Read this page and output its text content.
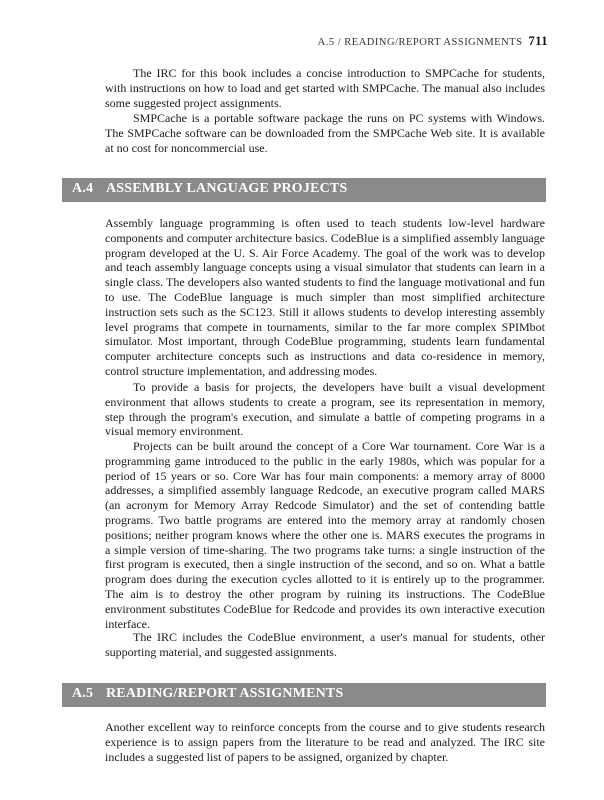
A.5 / READING/REPORT ASSIGNMENTS 711

The IRC for this book includes a concise introduction to SMPCache for students, with instructions on how to load and get started with SMPCache. The manual also includes some suggested project assignments.

SMPCache is a portable software package the runs on PC systems with Windows. The SMPCache software can be downloaded from the SMPCache Web site. It is available at no cost for noncommercial use.

A.4 ASSEMBLY LANGUAGE PROJECTS

Assembly language programming is often used to teach students low-level hardware components and computer architecture basics. CodeBlue is a simplified assembly language program developed at the U. S. Air Force Academy. The goal of the work was to develop and teach assembly language concepts using a visual simulator that students can learn in a single class. The developers also wanted students to find the language motivational and fun to use. The CodeBlue language is much simpler than most simplified architecture instruction sets such as the SC123. Still it allows students to develop interesting assembly level programs that compete in tournaments, similar to the far more complex SPIMbot simulator. Most important, through CodeBlue programming, students learn fundamental computer architecture concepts such as instructions and data co-residence in memory, control structure implementation, and addressing modes.

To provide a basis for projects, the developers have built a visual development environment that allows students to create a program, see its representation in memory, step through the program's execution, and simulate a battle of competing programs in a visual memory environment.

Projects can be built around the concept of a Core War tournament. Core War is a programming game introduced to the public in the early 1980s, which was popular for a period of 15 years or so. Core War has four main components: a memory array of 8000 addresses, a simplified assembly language Redcode, an executive program called MARS (an acronym for Memory Array Redcode Simulator) and the set of contending battle programs. Two battle programs are entered into the memory array at randomly chosen positions; neither program knows where the other one is. MARS executes the programs in a simple version of time-sharing. The two programs take turns: a single instruction of the first program is executed, then a single instruction of the second, and so on. What a battle program does during the execution cycles allotted to it is entirely up to the programmer. The aim is to destroy the other program by ruining its instructions. The CodeBlue environment substitutes CodeBlue for Redcode and provides its own interactive execution interface.

The IRC includes the CodeBlue environment, a user's manual for students, other supporting material, and suggested assignments.

A.5 READING/REPORT ASSIGNMENTS

Another excellent way to reinforce concepts from the course and to give students research experience is to assign papers from the literature to be read and analyzed. The IRC site includes a suggested list of papers to be assigned, organized by chapter.
